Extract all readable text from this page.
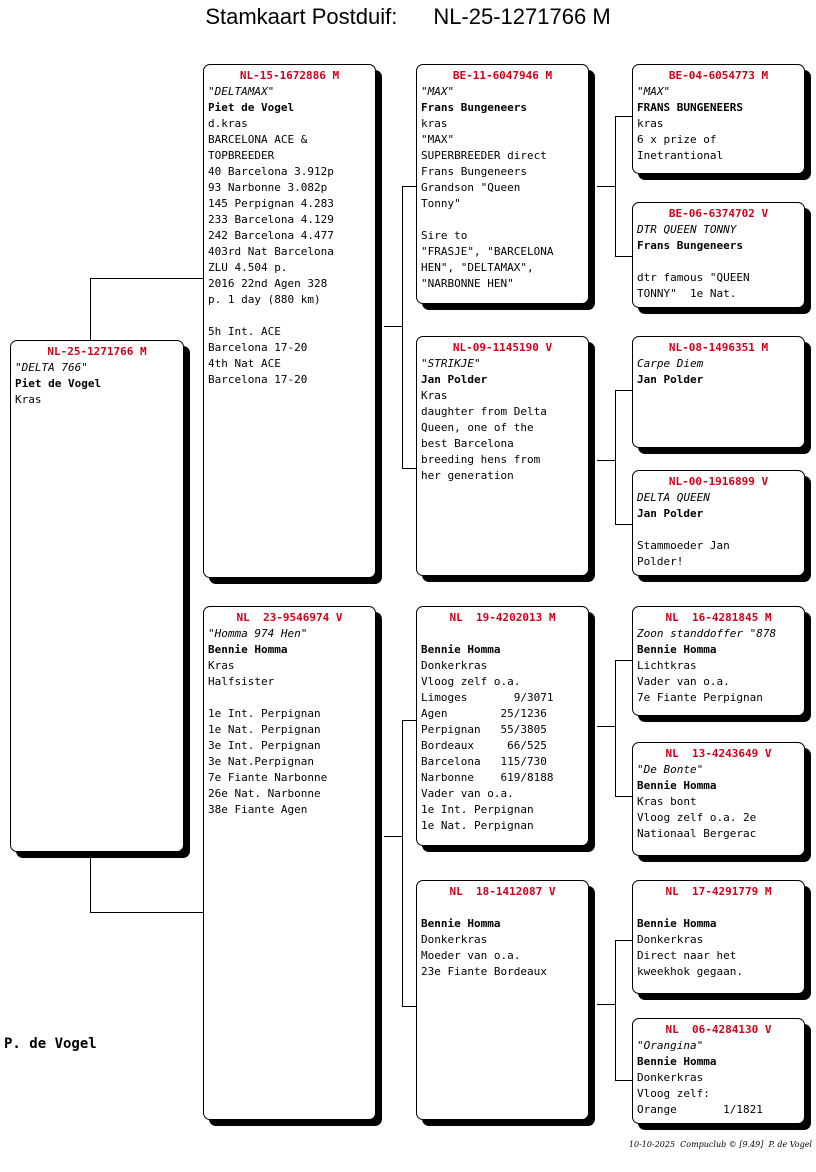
Stamkaart Postduif: NL-25-1271766 M
NL-25-1271766 M
"DELTA 766"
Piet de Vogel
Kras
NL-15-1672886 M
"DELTAMAX"
Piet de Vogel
d.kras
BARCELONA ACE &
TOPBREEDER
40 Barcelona 3.912p
93 Narbonne 3.082p
145 Perpignan 4.283
233 Barcelona 4.129
242 Barcelona 4.477
403rd Nat Barcelona
ZLU 4.504 p.
2016 22nd Agen 328
p. 1 day (880 km)
5h Int. ACE
Barcelona 17-20
4th Nat ACE
Barcelona 17-20
NL  23-9546974 V
"Homma 974 Hen"
Bennie Homma
Kras
Halfsister
1e Int. Perpignan
1e Nat. Perpignan
3e Int. Perpignan
3e Nat.Perpignan
7e Fiante Narbonne
26e Nat. Narbonne
38e Fiante Agen
BE-11-6047946 M
"MAX"
Frans Bungeneers
kras
"MAX"
SUPERBREEDER direct
Frans Bungeneers
Grandson "Queen
Tonny"
Sire to
"FRASJE", "BARCELONA
HEN", "DELTAMAX",
"NARBONNE HEN"
NL-09-1145190 V
"STRIKJE"
Jan Polder
Kras
daughter from Delta
Queen, one of the
best Barcelona
breeding hens from
her generation
NL  19-4202013 M
Bennie Homma
Donkerkras
Vloog zelf o.a.
Limoges       9/3071
Agen        25/1236
Perpignan   55/3805
Bordeaux     66/525
Barcelona   115/730
Narbonne    619/8188
Vader van o.a.
1e Int. Perpignan
1e Nat. Perpignan
NL  18-1412087 V
Bennie Homma
Donkerkras
Moeder van o.a.
23e Fiante Bordeaux
BE-04-6054773 M
"MAX"
FRANS BUNGENEERS
kras
6 x prize of
Inetrantional
BE-06-6374702 V
DTR QUEEN TONNY
Frans Bungeneers
dtr famous "QUEEN
TONNY"  1e Nat.
NL-08-1496351 M
Carpe Diem
Jan Polder
NL-00-1916899 V
DELTA QUEEN
Jan Polder
Stammoeder Jan
Polder!
NL  16-4281845 M
Zoon standdoffer "878
Bennie Homma
Lichtkras
Vader van o.a.
7e Fiante Perpignan
NL  13-4243649 V
"De Bonte"
Bennie Homma
Kras bont
Vloog zelf o.a. 2e
Nationaal Bergerac
NL  17-4291779 M
Bennie Homma
Donkerkras
Direct naar het
kweekhok gegaan.
NL  06-4284130 V
"Orangina"
Bennie Homma
Donkerkras
Vloog zelf:
Orange       1/1821
P. de Vogel
10-10-2025  Compuclub © [9.49]  P. de Vogel
